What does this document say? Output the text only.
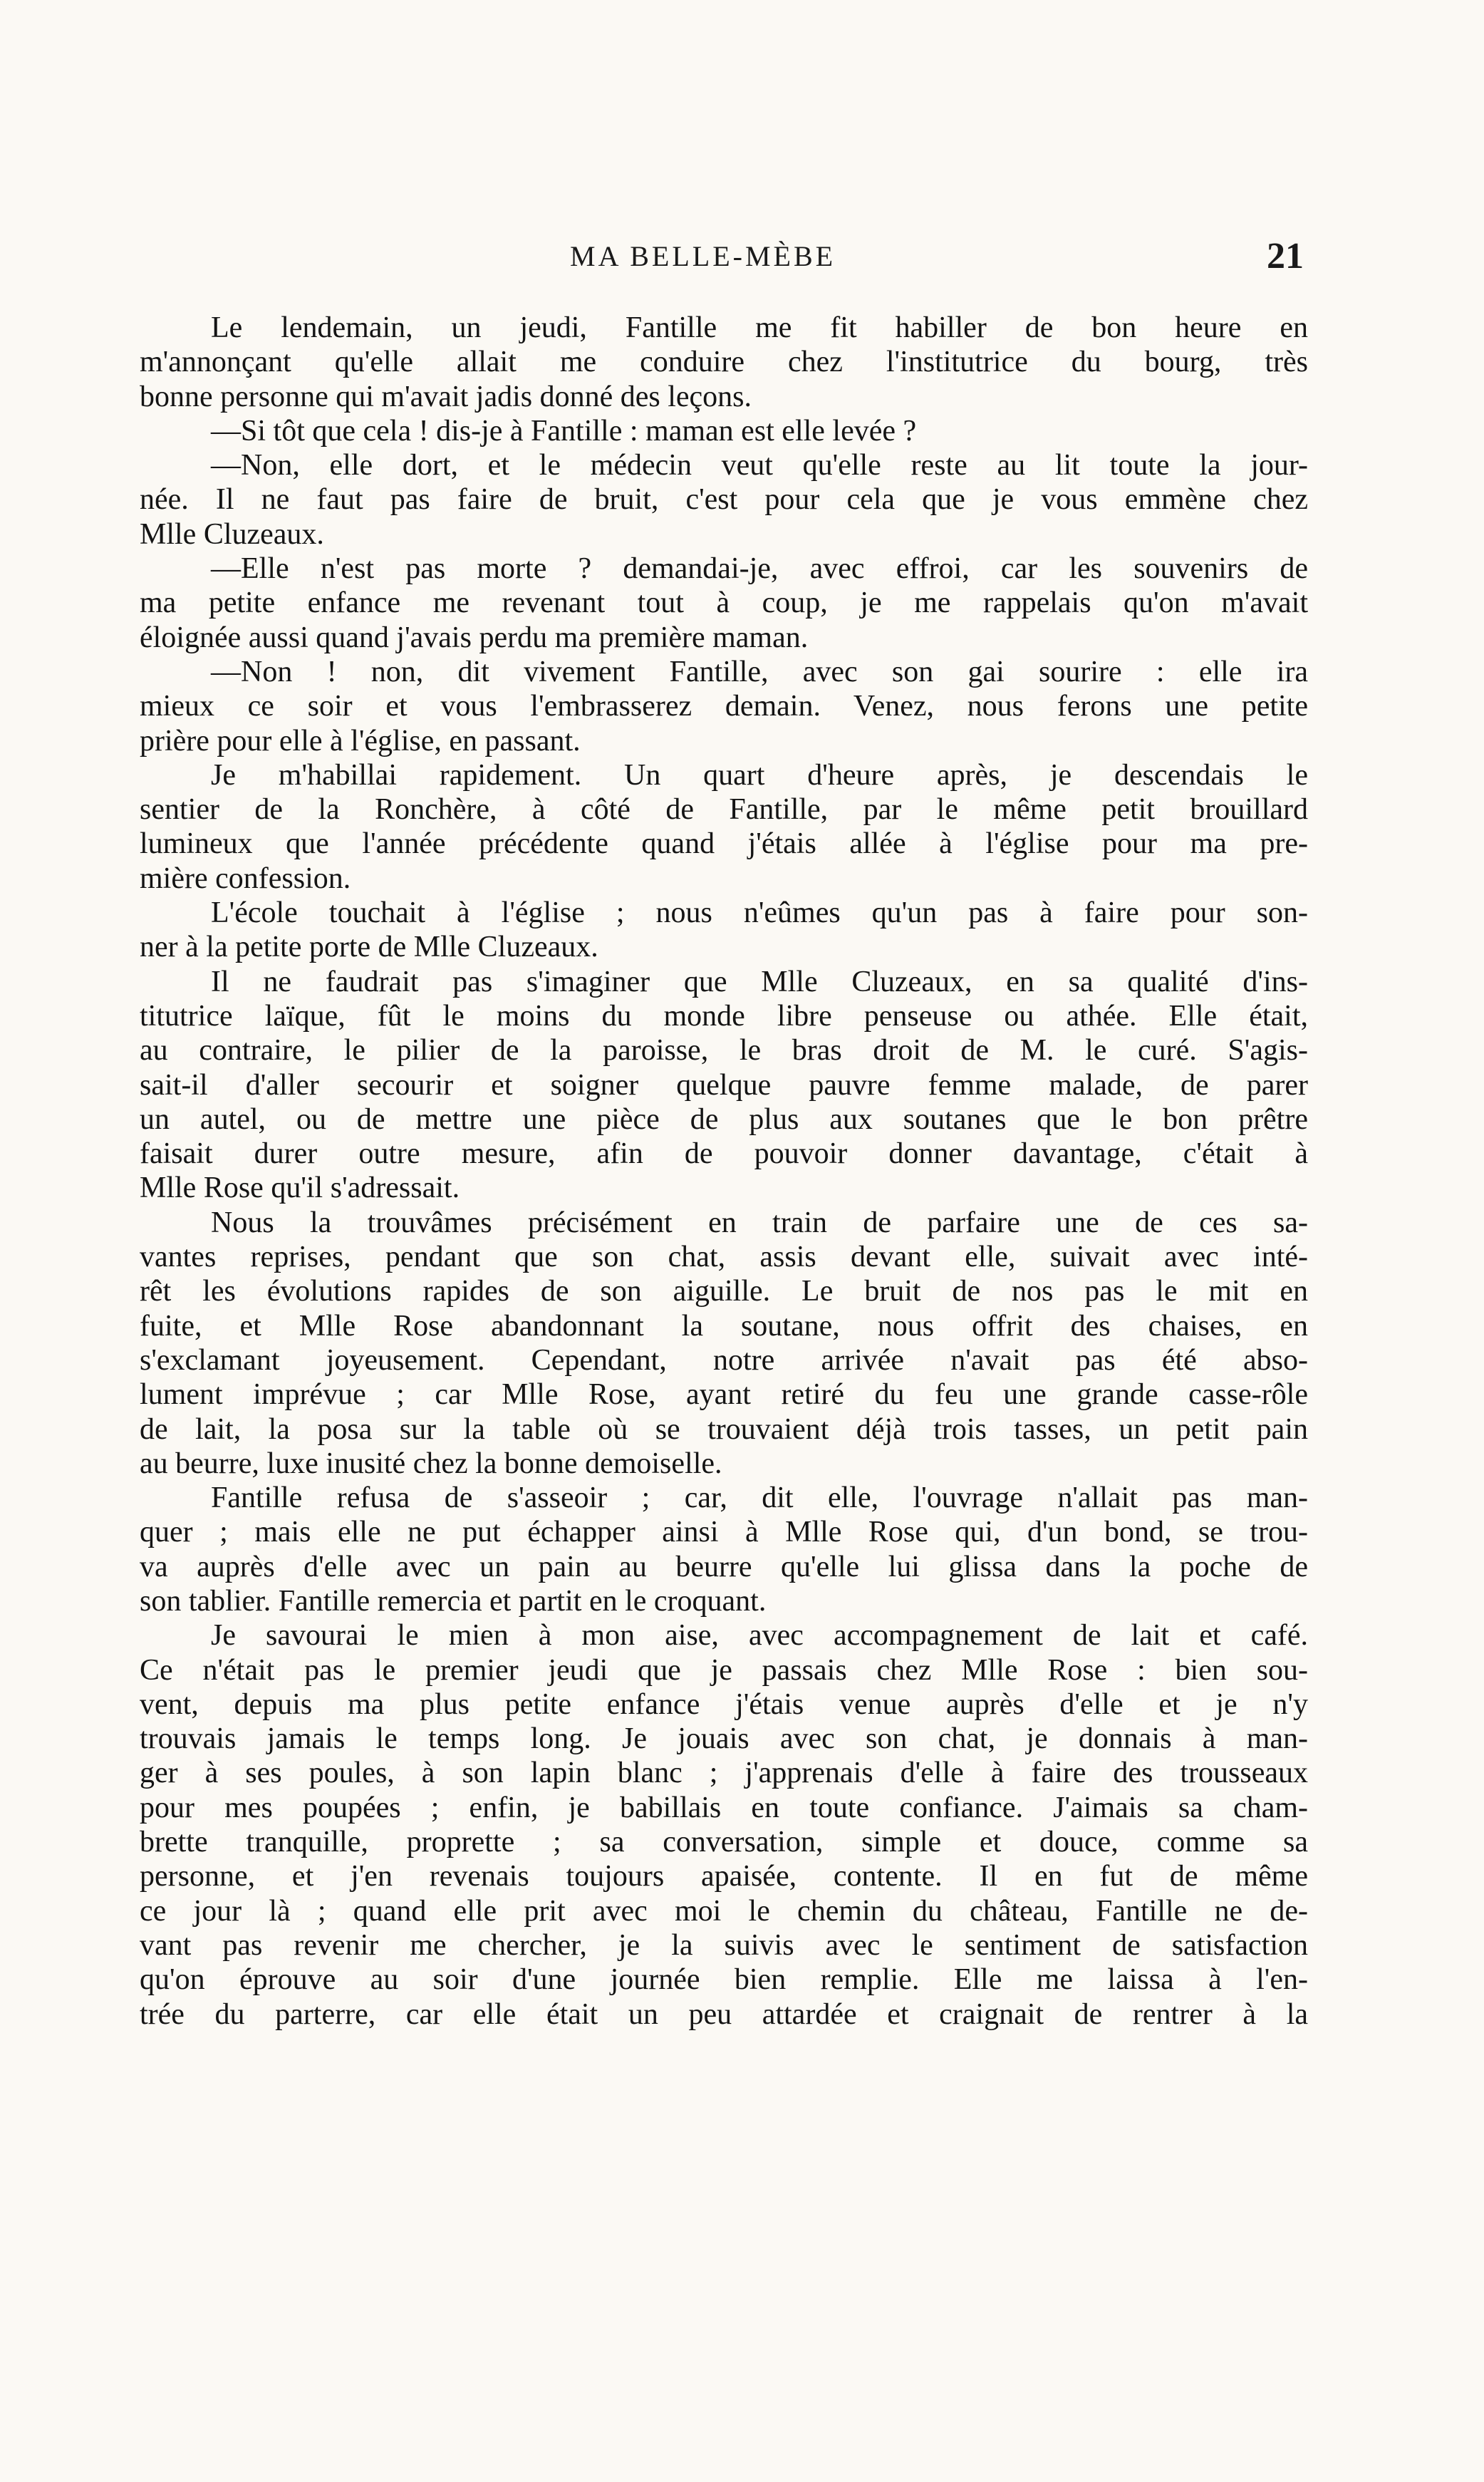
MA BELLE-MÈBE	21
Le lendemain, un jeudi, Fantille me fit habiller de bon heure en
m'annonçant qu'elle allait me conduire chez l'institutrice du bourg, très
bonne personne qui m'avait jadis donné des leçons.
—Si tôt que cela ! dis-je à Fantille : maman est elle levée ?
—Non, elle dort, et le médecin veut qu'elle reste au lit toute la jour-
née. Il ne faut pas faire de bruit, c'est pour cela que je vous emmène chez
Mlle Cluzeaux.
—Elle n'est pas morte ? demandai-je, avec effroi, car les souvenirs de
ma petite enfance me revenant tout à coup, je me rappelais qu'on m'avait
éloignée aussi quand j'avais perdu ma première maman.
—Non ! non, dit vivement Fantille, avec son gai sourire : elle ira
mieux ce soir et vous l'embrasserez demain. Venez, nous ferons une petite
prière pour elle à l'église, en passant.
Je m'habillai rapidement. Un quart d'heure après, je descendais le
sentier de la Ronchère, à côté de Fantille, par le même petit brouillard
lumineux que l'année précédente quand j'étais allée à l'église pour ma pre-
mière confession.
L'école touchait à l'église ; nous n'eûmes qu'un pas à faire pour son-
ner à la petite porte de Mlle Cluzeaux.
Il ne faudrait pas s'imaginer que Mlle Cluzeaux, en sa qualité d'ins-
titutrice laïque, fût le moins du monde libre penseuse ou athée. Elle était,
au contraire, le pilier de la paroisse, le bras droit de M. le curé. S'agis-
sait-il d'aller secourir et soigner quelque pauvre femme malade, de parer
un autel, ou de mettre une pièce de plus aux soutanes que le bon prêtre
faisait durer outre mesure, afin de pouvoir donner davantage, c'était à
Mlle Rose qu'il s'adressait.
Nous la trouvâmes précisément en train de parfaire une de ces sa-
vantes reprises, pendant que son chat, assis devant elle, suivait avec inté-
rêt les évolutions rapides de son aiguille. Le bruit de nos pas le mit en
fuite, et Mlle Rose abandonnant la soutane, nous offrit des chaises, en
s'exclamant joyeusement. Cependant, notre arrivée n'avait pas été abso-
lument imprévue ; car Mlle Rose, ayant retiré du feu une grande casse-rôle
de lait, la posa sur la table où se trouvaient déjà trois tasses, un petit pain
au beurre, luxe inusité chez la bonne demoiselle.
Fantille refusa de s'asseoir ; car, dit elle, l'ouvrage n'allait pas man-
quer ; mais elle ne put échapper ainsi à Mlle Rose qui, d'un bond, se trou-
va auprès d'elle avec un pain au beurre qu'elle lui glissa dans la poche de
son tablier. Fantille remercia et partit en le croquant.
Je savourai le mien à mon aise, avec accompagnement de lait et café.
Ce n'était pas le premier jeudi que je passais chez Mlle Rose : bien sou-
vent, depuis ma plus petite enfance j'étais venue auprès d'elle et je n'y
trouvais jamais le temps long. Je jouais avec son chat, je donnais à man-
ger à ses poules, à son lapin blanc ; j'apprenais d'elle à faire des trousseaux
pour mes poupées ; enfin, je babillais en toute confiance. J'aimais sa cham-
brette tranquille, proprette ; sa conversation, simple et douce, comme sa
personne, et j'en revenais toujours apaisée, contente. Il en fut de même
ce jour là ; quand elle prit avec moi le chemin du château, Fantille ne de-
vant pas revenir me chercher, je la suivis avec le sentiment de satisfaction
qu'on éprouve au soir d'une journée bien remplie. Elle me laissa à l'en-
trée du parterre, car elle était un peu attardée et craignait de rentrer à la
